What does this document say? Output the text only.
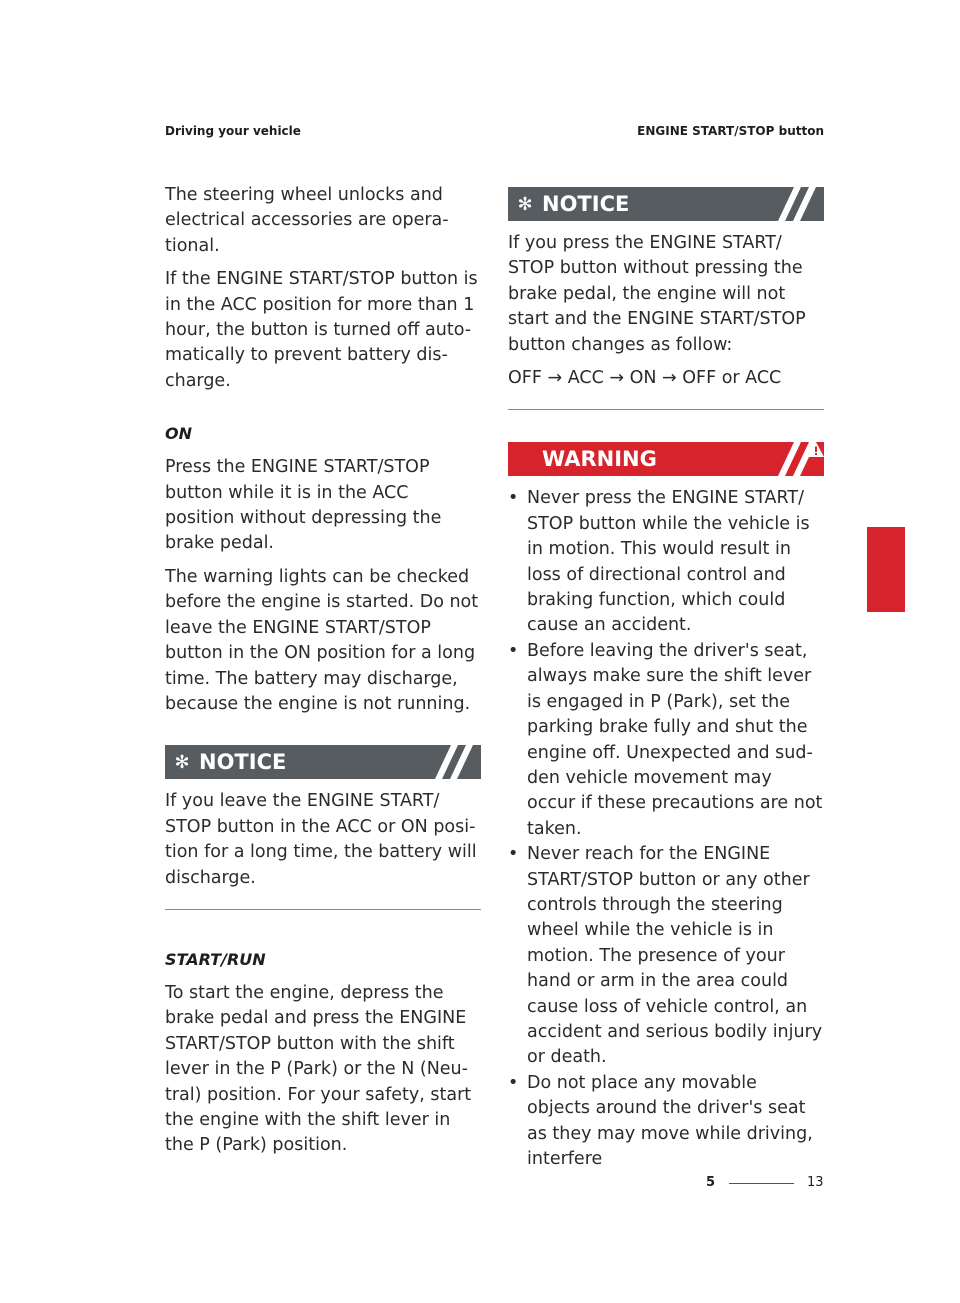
Driving your vehicle	ENGINE START/STOP button

The steering wheel unlocks and electrical accessories are opera-tional.

If the ENGINE START/STOP button is in the ACC position for more than 1 hour, the button is turned off auto-matically to prevent battery dis-charge.

ON

Press the ENGINE START/STOP button while it is in the ACC position without depressing the brake pedal.

The warning lights can be checked before the engine is started. Do not leave the ENGINE START/STOP button in the ON position for a long time. The battery may discharge, because the engine is not running.

✻ NOTICE

If you leave the ENGINE START/ STOP button in the ACC or ON posi-tion for a long time, the battery will discharge.

START/RUN

To start the engine, depress the brake pedal and press the ENGINE START/STOP button with the shift lever in the P (Park) or the N (Neu-tral) position. For your safety, start the engine with the shift lever in the P (Park) position.

✻ NOTICE

If you press the ENGINE START/ STOP button without pressing the brake pedal, the engine will not start and the ENGINE START/STOP button changes as follow:

OFF → ACC → ON → OFF or ACC

WARNING
• Never press the ENGINE START/ STOP button while the vehicle is in motion. This would result in loss of directional control and braking function, which could cause an accident.
• Before leaving the driver's seat, always make sure the shift lever is engaged in P (Park), set the parking brake fully and shut the engine off. Unexpected and sud-den vehicle movement may occur if these precautions are not taken.
• Never reach for the ENGINE START/STOP button or any other controls through the steering wheel while the vehicle is in motion. The presence of your hand or arm in the area could cause loss of vehicle control, an accident and serious bodily injury or death.
• Do not place any movable objects around the driver's seat as they may move while driving, interfere
5
5	13
